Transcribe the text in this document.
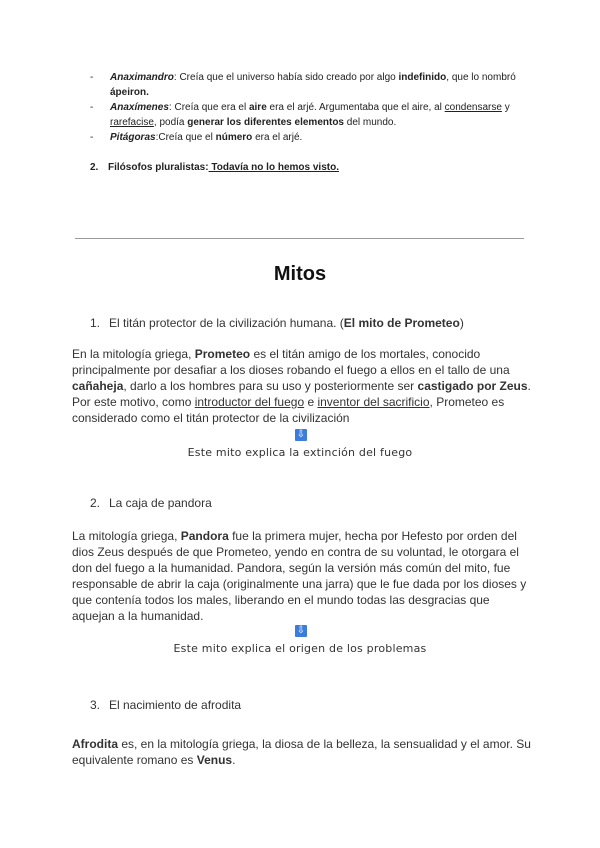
- Anaximandro: Creía que el universo había sido creado por algo indefinido, que lo nombró ápeiron.
- Anaxímenes: Creía que era el aire era el arjé. Argumentaba que el aire, al condensarse y rarefacise, podía generar los diferentes elementos del mundo.
- Pitágoras:Creía que el número era el arjé.
2. Filósofos pluralistas: Todavía no lo hemos visto.
Mitos
1. El titán protector de la civilización humana. (El mito de Prometeo)

En la mitología griega, Prometeo es el titán amigo de los mortales, conocido principalmente por desafiar a los dioses robando el fuego a ellos en el tallo de una cañaheja, darlo a los hombres para su uso y posteriormente ser castigado por Zeus. Por este motivo, como introductor del fuego e inventor del sacrificio, Prometeo es considerado como el titán protector de la civilización

⇩
Este mito explica la extinción del fuego
2. La caja de pandora

La mitología griega, Pandora fue la primera mujer, hecha por Hefesto por orden del dios Zeus después de que Prometeo, yendo en contra de su voluntad, le otorgara el don del fuego a la humanidad. Pandora, según la versión más común del mito, fue responsable de abrir la caja (originalmente una jarra) que le fue dada por los dioses y que contenía todos los males, liberando en el mundo todas las desgracias que aquejan a la humanidad.

⇩
Este mito explica el origen de los problemas
3. El nacimiento de afrodita

Afrodita es, en la mitología griega, la diosa de la belleza, la sensualidad y el amor. Su equivalente romano es Venus.
